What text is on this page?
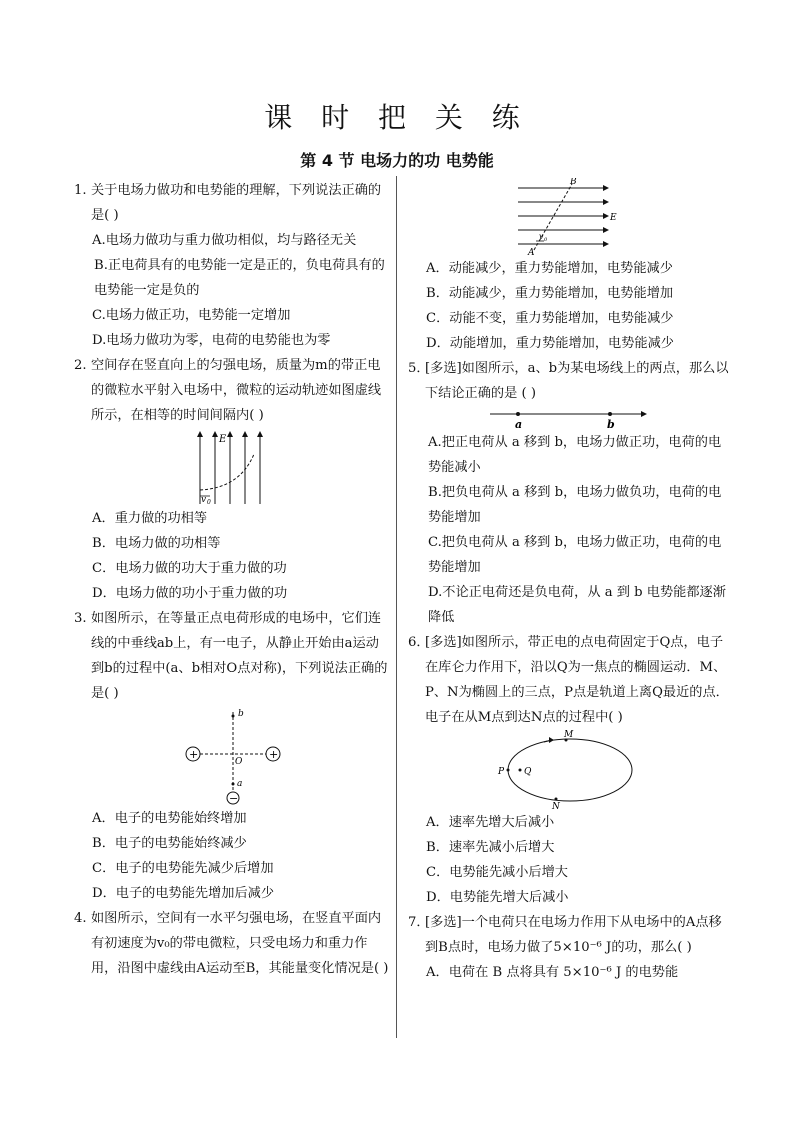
课 时 把 关 练
第 4 节 电场力的功 电势能
1. 关于电场力做功和电势能的理解，下列说法正确的是( )
A.电场力做功与重力做功相似，均与路径无关
B.正电荷具有的电势能一定是正的，负电荷具有的电势能一定是负的
C.电场力做正功，电势能一定增加
D.电场力做功为零，电荷的电势能也为零
2. 空间存在竖直向上的匀强电场，质量为m的带正电的微粒水平射入电场中，微粒的运动轨迹如图虚线所示，在相等的时间间隔内( )
E
v 0
A．重力做的功相等
B．电场力做的功相等
C．电场力做的功大于重力做的功
D．电场力做的功小于重力做的功
3. 如图所示，在等量正点电荷形成的电场中，它们连线的中垂线ab上，有一电子，从静止开始由a运动到b的过程中(a、b相对O点对称)，下列说法正确的是( )
+	+
−
b
O
a
A．电子的电势能始终增加
B．电子的电势能始终减少
C．电子的电势能先减少后增加
D．电子的电势能先增加后减少
4. 如图所示，空间有一水平匀强电场，在竖直平面内有初速度为v₀的带电微粒，只受电场力和重力作用，沿图中虚线由A运动至B，其能量变化情况是( )
B
A
E
v 0
A．动能减少，重力势能增加，电势能减少
B．动能减少，重力势能增加，电势能增加
C．动能不变，重力势能增加，电势能减少
D．动能增加，重力势能增加，电势能减少
5．
[多选]如图所示，a、b为某电场线上的两点，那么以下结论正确的是 ( )
a	b
A.把正电荷从 a 移到 b，电场力做正功，电荷的电势能减小
B.把负电荷从 a 移到 b，电场力做负功，电荷的电势能增加
C.把负电荷从 a 移到 b，电场力做正功，电荷的电势能增加
D.不论正电荷还是负电荷，从 a 到 b 电势能都逐渐降低
6．
[多选]如图所示，带正电的点电荷固定于Q点，电子在库仑力作用下，沿以Q为一焦点的椭圆运动．M、P、N为椭圆上的三点，P点是轨道上离Q最近的点．电子在从M点到达N点的过程中( )
M
P Q
N
A．速率先增大后减小
B．速率先减小后增大
C．电势能先减小后增大
D．电势能先增大后减小
7．
[多选]一个电荷只在电场力作用下从电场中的A点移到B点时，电场力做了5×10⁻⁶ J的功，那么( )
A．电荷在 B 点将具有 5×10⁻⁶ J 的电势能
